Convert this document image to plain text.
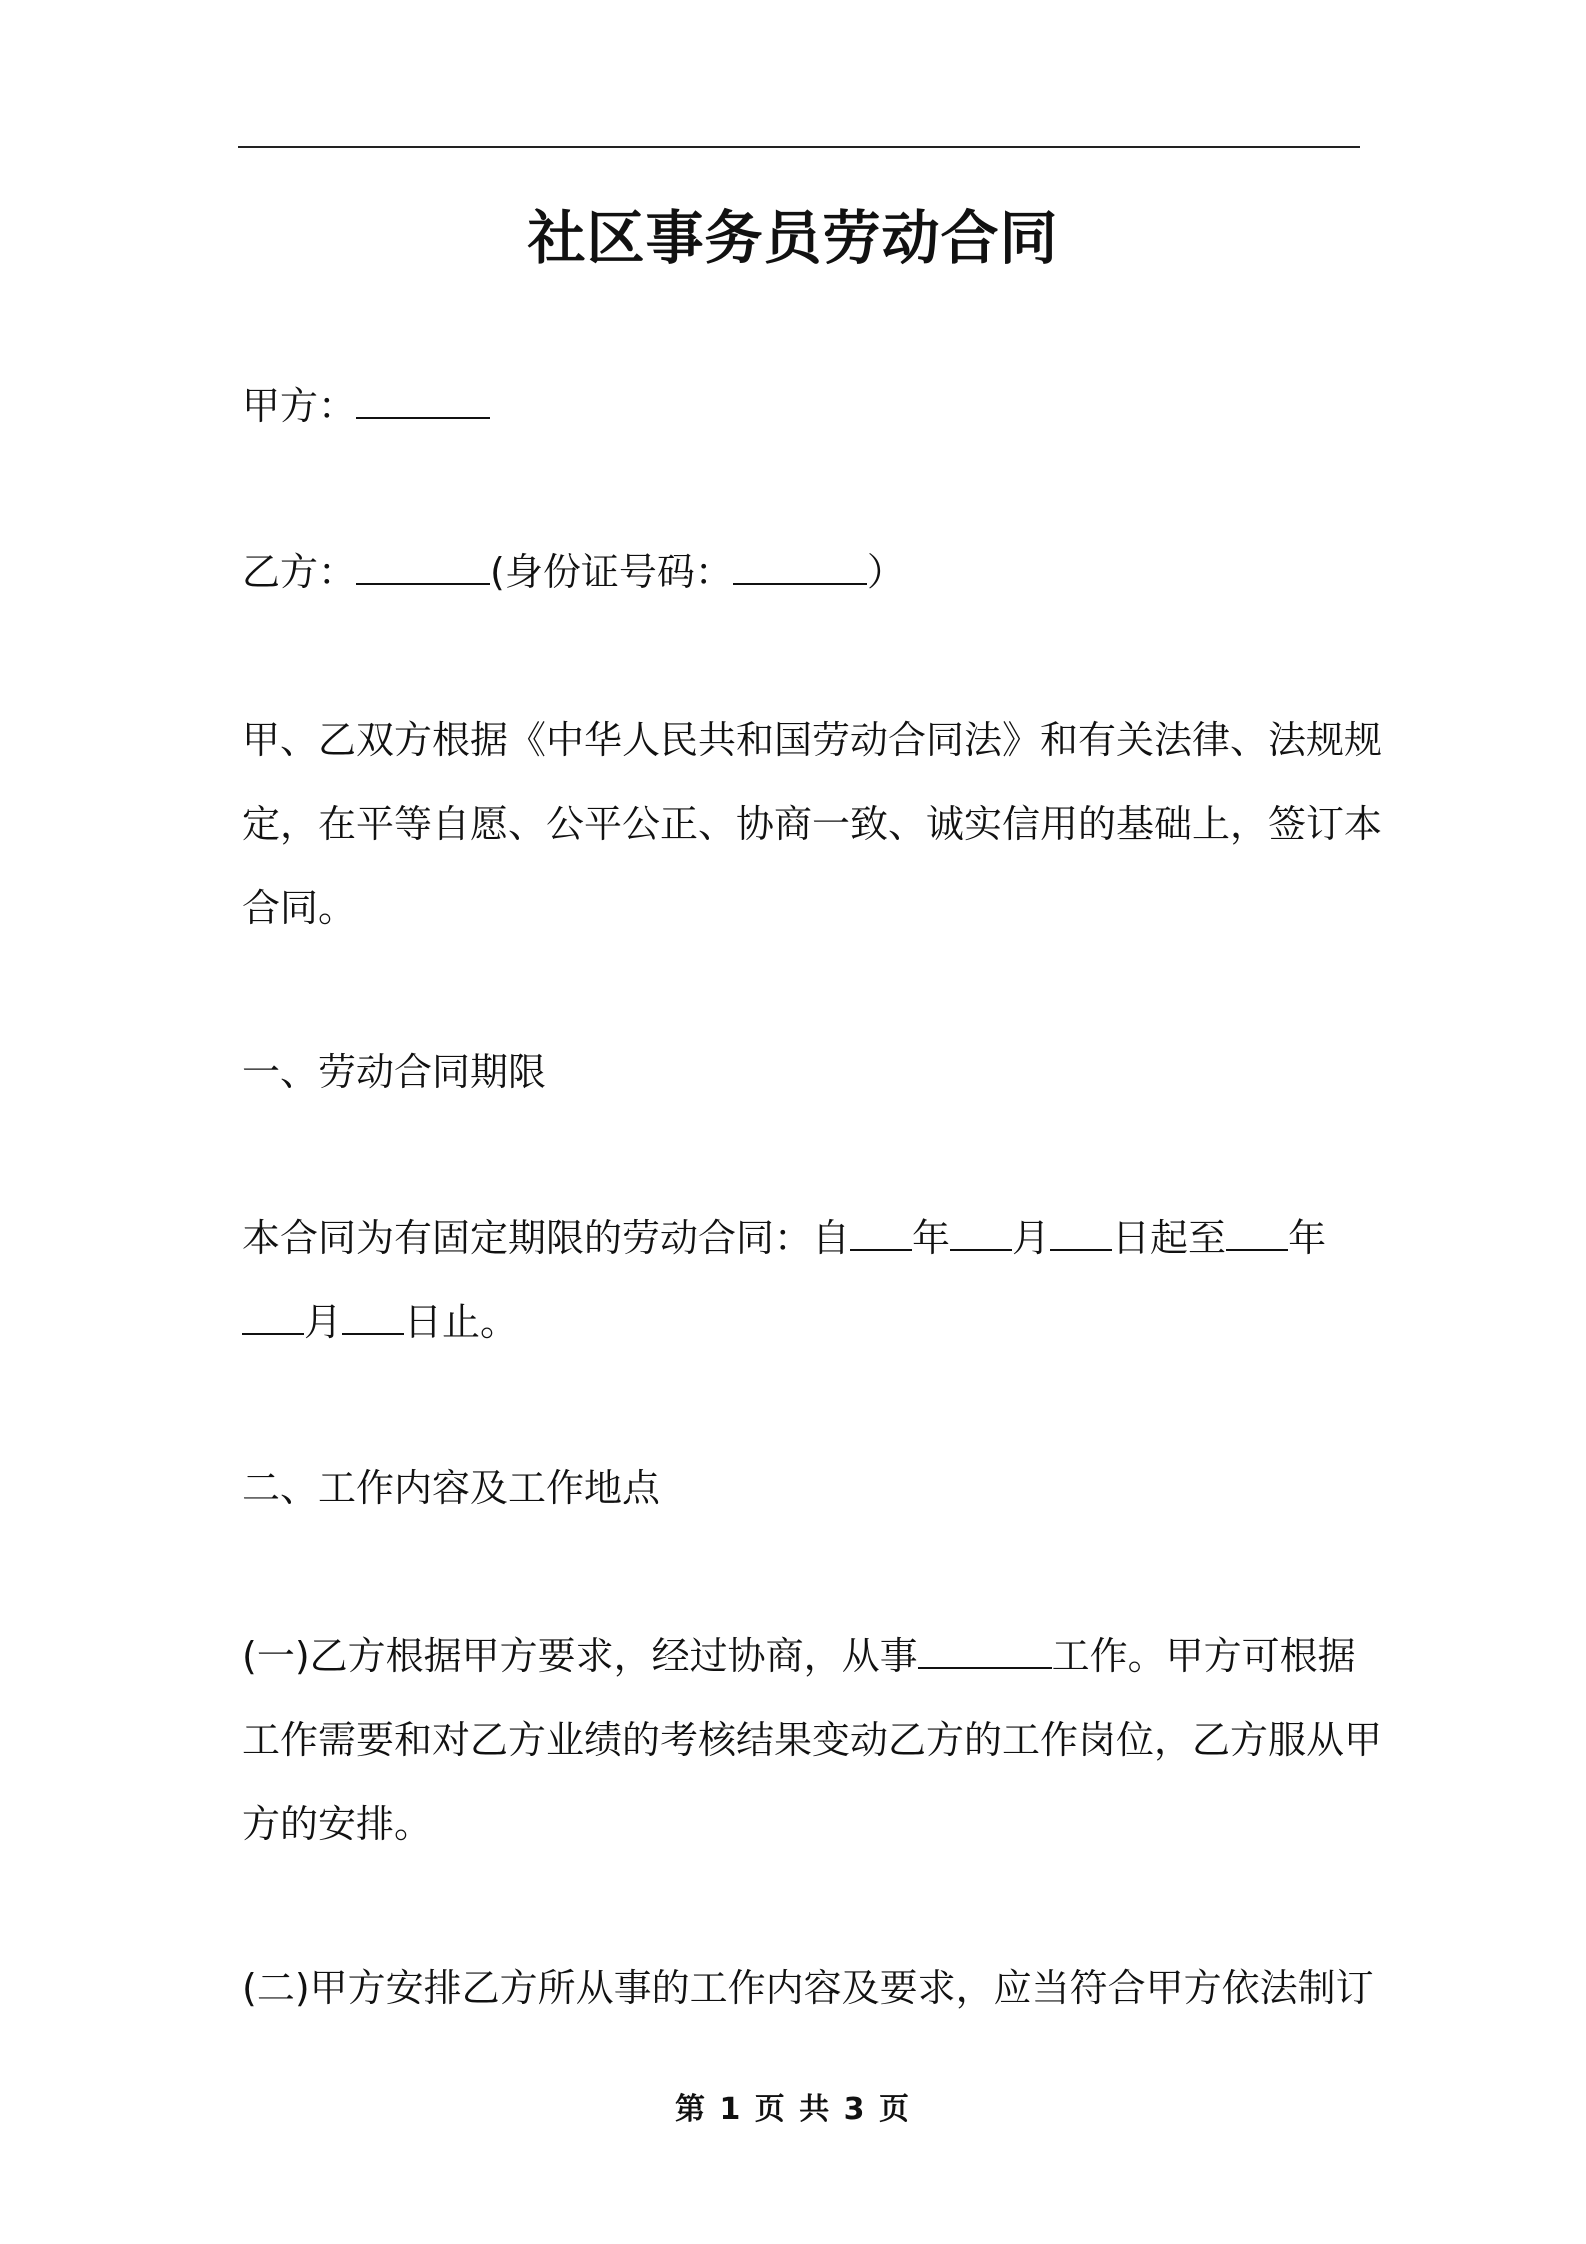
社区事务员劳动合同

甲方：

乙方：	(身份证号码：	）

甲、乙双方根据《中华人民共和国劳动合同法》和有关法律、法规规
定，在平等自愿、公平公正、协商一致、诚实信用的基础上，签订本
合同。

一、劳动合同期限

本合同为有固定期限的劳动合同：自 年 月 日起至 年
月 日止。

二、工作内容及工作地点

(一)乙方根据甲方要求，经过协商，从事	工作。甲方可根据
工作需要和对乙方业绩的考核结果变动乙方的工作岗位，乙方服从甲
方的安排。

(二)甲方安排乙方所从事的工作内容及要求，应当符合甲方依法制订

第 1 页 共 3 页
